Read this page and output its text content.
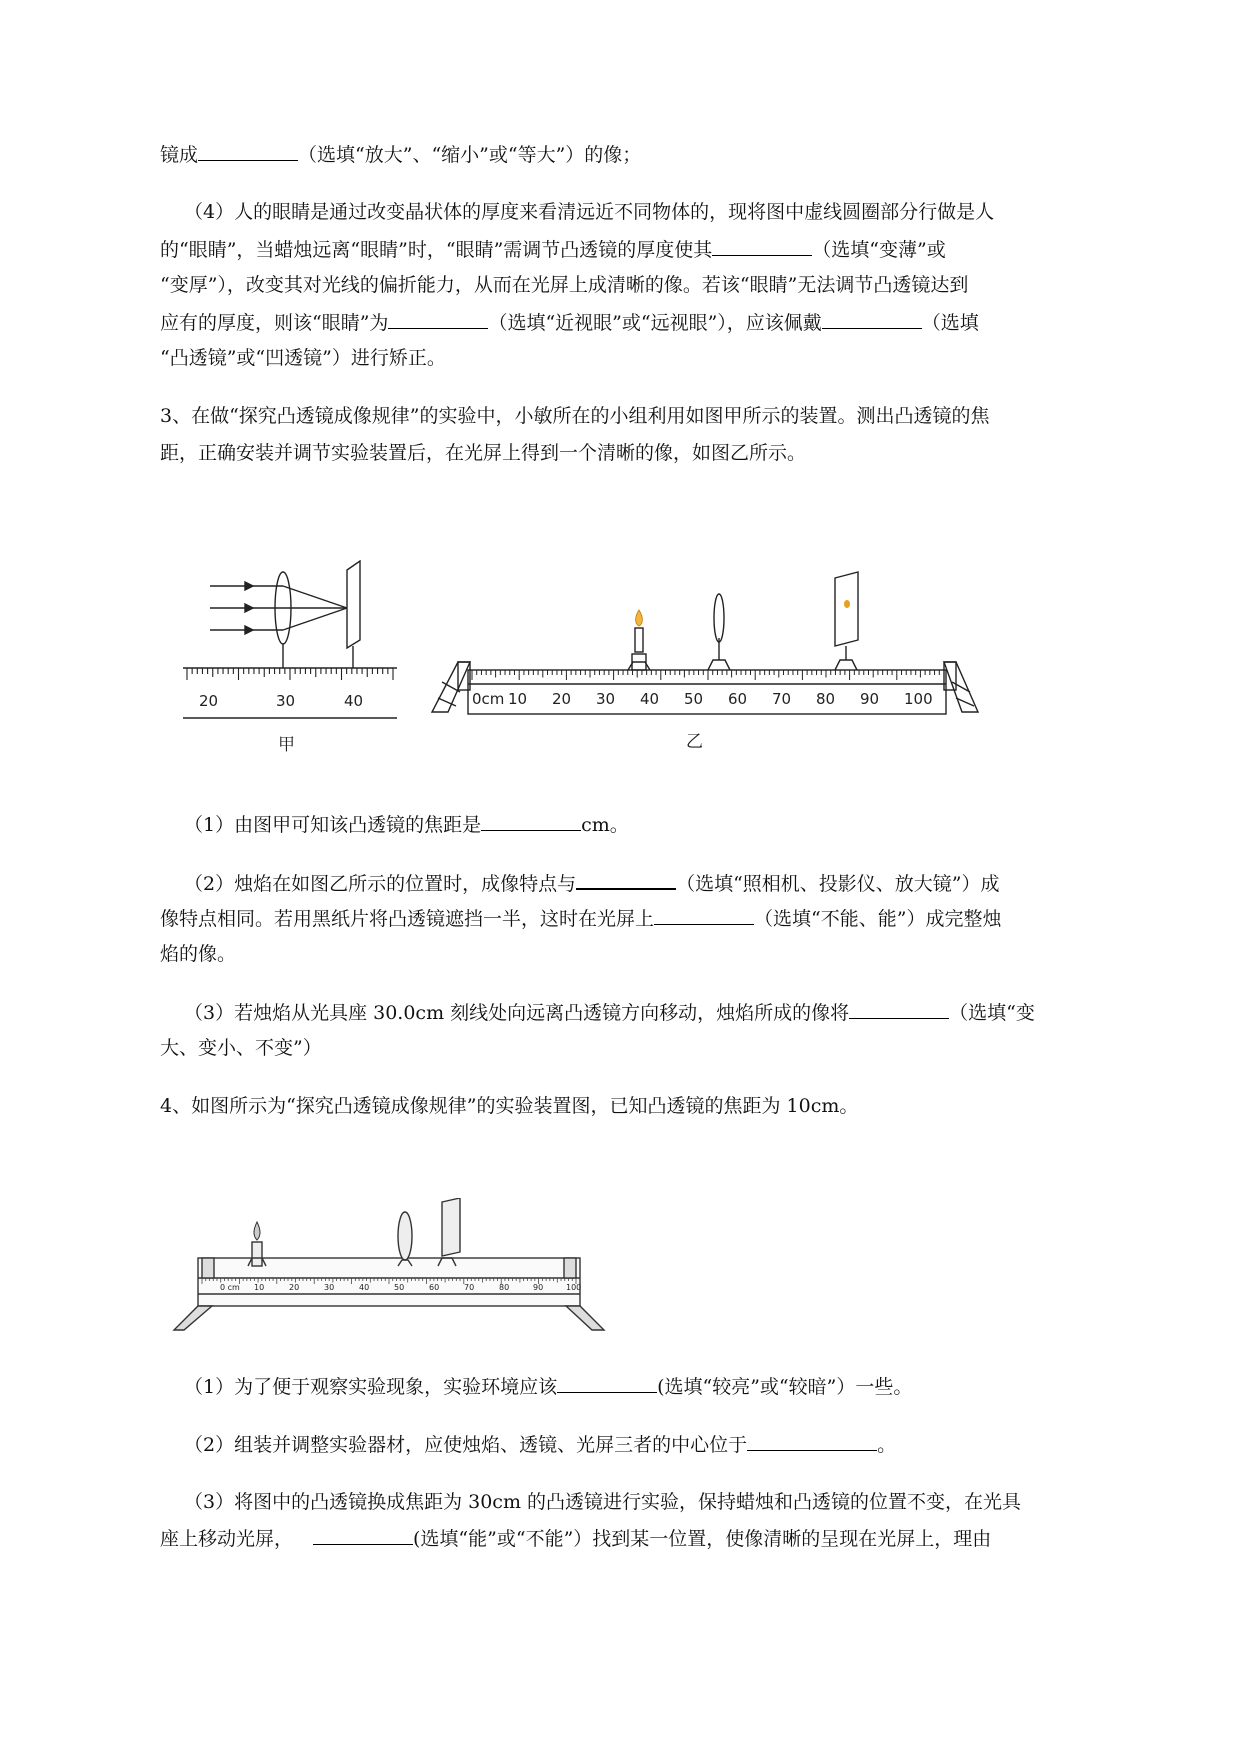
镜成	（选填“放大”、“缩小”或“等大”）的像；
（4）人的眼睛是通过改变晶状体的厚度来看清远近不同物体的，现将图中虚线圆圈部分行做是人
的“眼睛”，当蜡烛远离“眼睛”时，“眼睛”需调节凸透镜的厚度使其	（选填“变薄”或
“变厚”），改变其对光线的偏折能力，从而在光屏上成清晰的像。若该“眼睛”无法调节凸透镜达到
应有的厚度，则该“眼睛”为	（选填“近视眼”或“远视眼”），应该佩戴	（选填
“凸透镜”或“凹透镜”）进行矫正。
3、在做“探究凸透镜成像规律”的实验中，小敏所在的小组利用如图甲所示的装置。测出凸透镜的焦
距，正确安装并调节实验装置后，在光屏上得到一个清晰的像，如图乙所示。
20	30	40
甲
0cm 10 20 30 40 50 60 70 80 90 100
乙
（1）由图甲可知该凸透镜的焦距是	cm。
（2）烛焰在如图乙所示的位置时，成像特点与	（选填“照相机、投影仪、放大镜”）成
像特点相同。若用黑纸片将凸透镜遮挡一半，这时在光屏上	（选填“不能、能”）成完整烛
焰的像。
（3）若烛焰从光具座 30.0cm 刻线处向远离凸透镜方向移动，烛焰所成的像将	（选填“变
大、变小、不变”）
4、如图所示为“探究凸透镜成像规律”的实验装置图，已知凸透镜的焦距为 10cm。
0 cm 10	20	30	40	50	60	70	80	90	100
（1）为了便于观察实验现象，实验环境应该	(选填“较亮”或“较暗”）一些。
（2）组装并调整实验器材，应使烛焰、透镜、光屏三者的中心位于	。
（3）将图中的凸透镜换成焦距为 30cm 的凸透镜进行实验，保持蜡烛和凸透镜的位置不变，在光具
座上移动光屏，	(选填“能”或“不能”）找到某一位置，使像清晰的呈现在光屏上，理由
